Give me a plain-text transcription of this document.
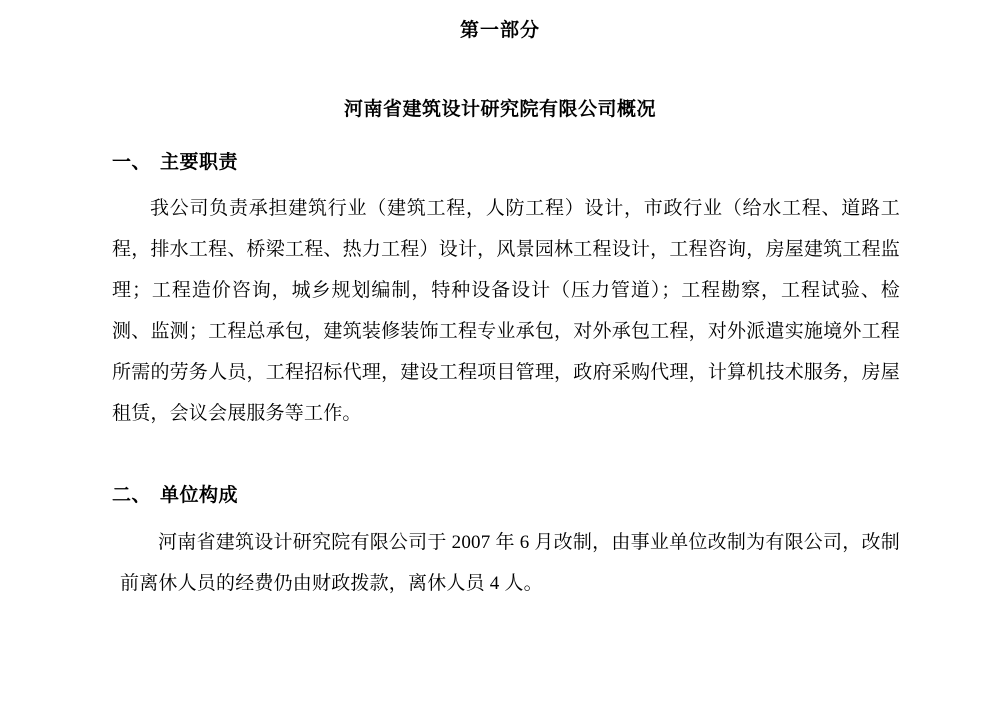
第一部分
河南省建筑设计研究院有限公司概况
一、 主要职责
我公司负责承担建筑行业（建筑工程，人防工程）设计，市政行业（给水工程、道路工程，排水工程、桥梁工程、热力工程）设计，风景园林工程设计，工程咨询，房屋建筑工程监理；工程造价咨询，城乡规划编制，特种设备设计（压力管道）；工程勘察，工程试验、检测、监测；工程总承包，建筑装修装饰工程专业承包，对外承包工程，对外派遣实施境外工程所需的劳务人员，工程招标代理，建设工程项目管理，政府采购代理，计算机技术服务，房屋租赁，会议会展服务等工作。
二、 单位构成
河南省建筑设计研究院有限公司于 2007 年 6 月改制，由事业单位改制为有限公司，改制前离休人员的经费仍由财政拨款，离休人员 4 人。
